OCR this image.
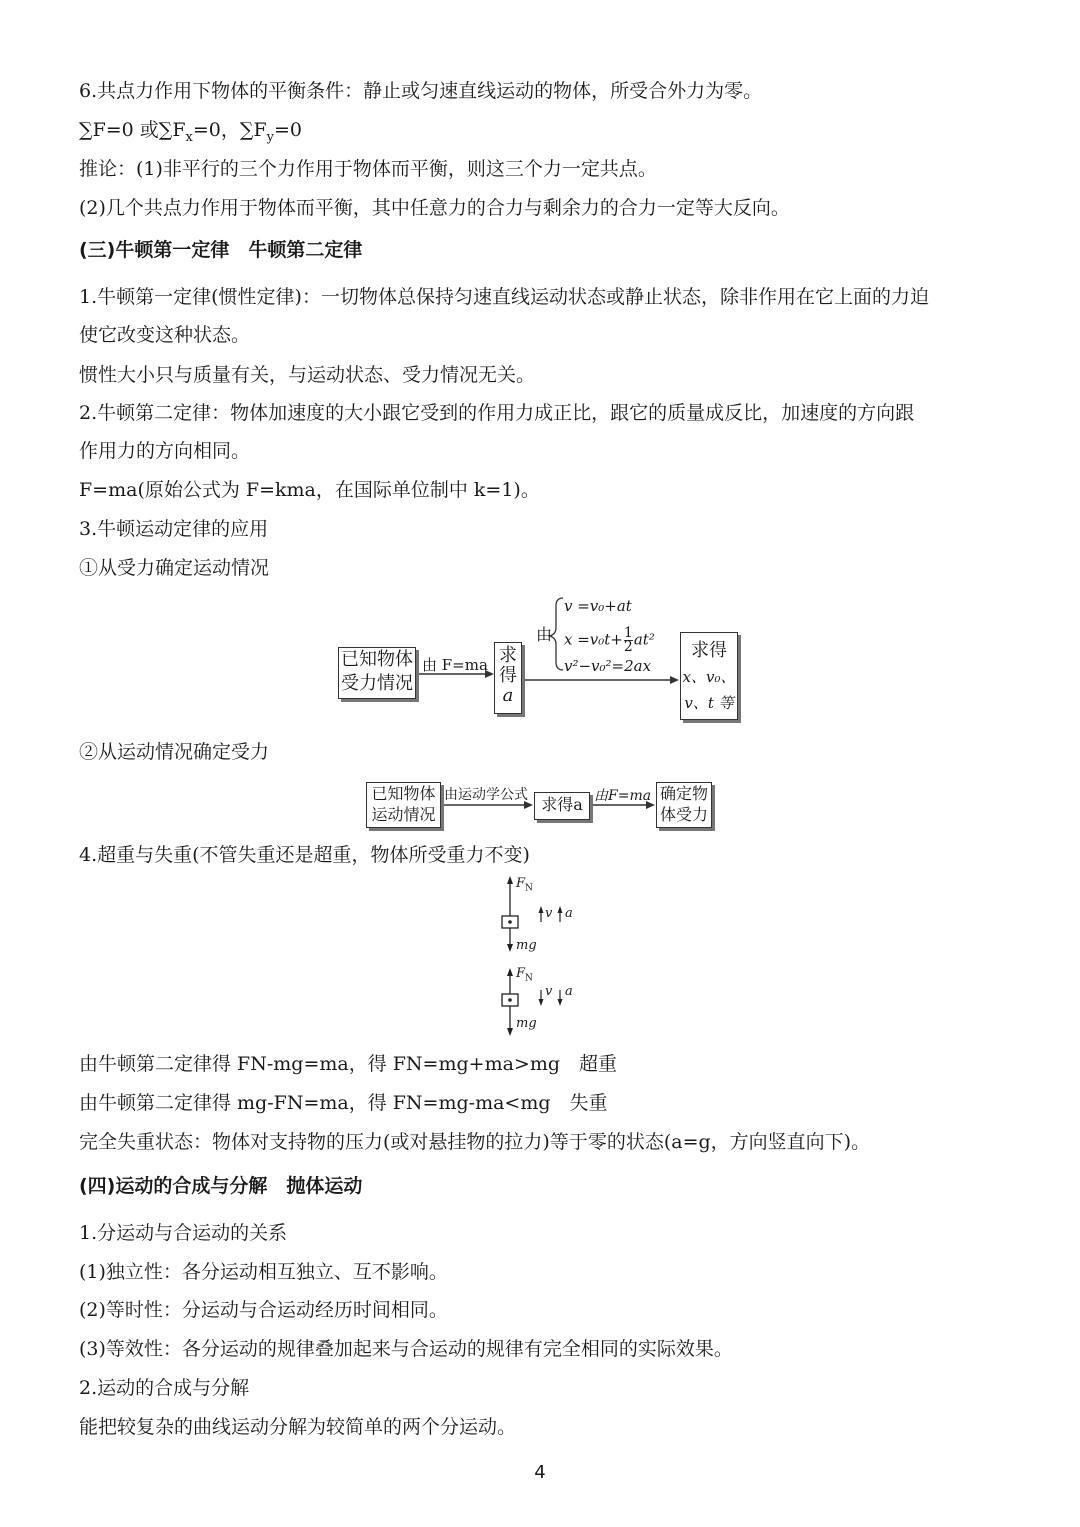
6.共点力作用下物体的平衡条件：静止或匀速直线运动的物体，所受合外力为零。
∑F=0 或$\sum F_x=0$，$\sum F_y=0$
推论：(1)非平行的三个力作用于物体而平衡，则这三个力一定共点。
(2)几个共点力作用于物体而平衡，其中任意力的合力与剩余力的合力一定等大反向。
(三)牛顿第一定律　牛顿第二定律
1.牛顿第一定律(惯性定律)：一切物体总保持匀速直线运动状态或静止状态，除非作用在它上面的力迫
使它改变这种状态。
惯性大小只与质量有关，与运动状态、受力情况无关。
2.牛顿第二定律：物体加速度的大小跟它受到的作用力成正比，跟它的质量成反比，加速度的方向跟
作用力的方向相同。
F=ma(原始公式为 F=kma，在国际单位制中 k=1)。
3.牛顿运动定律的应用
①从受力确定运动情况
已知物体
受力情况
由 F=ma 求
得
a
由
v =v₀+at
$x =v_0t+ \frac{1}{2} at^2$
v²−v₀²=2ax
求得
x、v₀、
v、t 等
②从运动情况确定受力
已知物体
运动情况
由运动学公式 求得a 由F=ma 确定物
体受力
4.超重与失重(不管失重还是超重，物体所受重力不变)
$F_N$
v a
mg
$F_N$
v a
mg
由牛顿第二定律得 FN-mg=ma，得 FN=mg+ma>mg　超重
由牛顿第二定律得 mg-FN=ma，得 FN=mg-ma<mg　失重
完全失重状态：物体对支持物的压力(或对悬挂物的拉力)等于零的状态(a=g，方向竖直向下)。
(四)运动的合成与分解　抛体运动
1.分运动与合运动的关系
(1)独立性：各分运动相互独立、互不影响。
(2)等时性：分运动与合运动经历时间相同。
(3)等效性：各分运动的规律叠加起来与合运动的规律有完全相同的实际效果。
2.运动的合成与分解
能把较复杂的曲线运动分解为较简单的两个分运动。
4
